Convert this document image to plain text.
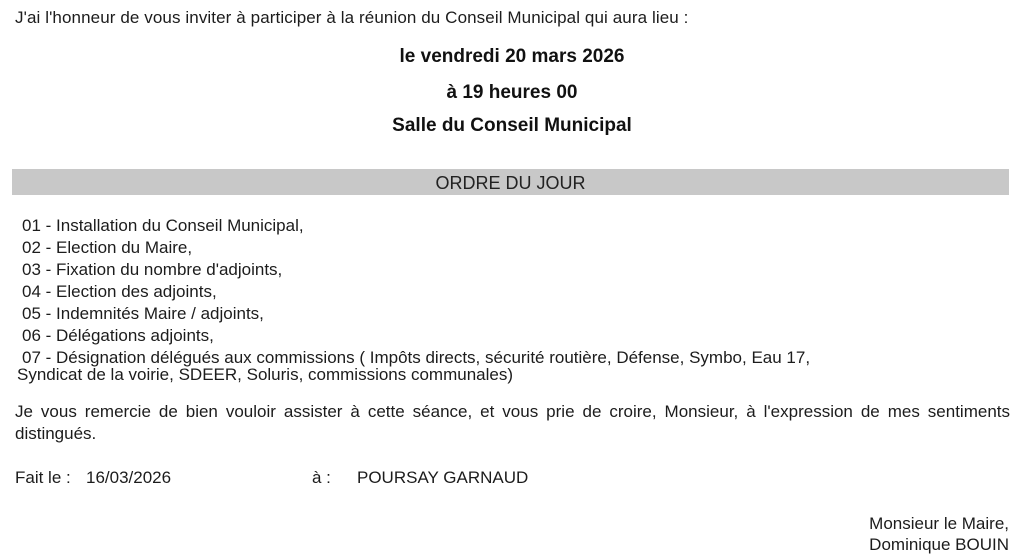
J'ai l'honneur de vous inviter à participer à la réunion du Conseil Municipal qui aura lieu :
le vendredi 20 mars 2026
à 19 heures 00
Salle du Conseil Municipal
ORDRE DU JOUR
01 - Installation du Conseil Municipal,
02 - Election du Maire,
03 - Fixation du nombre d'adjoints,
04 - Election des adjoints,
05 - Indemnités Maire / adjoints,
06 - Délégations adjoints,
07 - Désignation délégués aux commissions ( Impôts directs, sécurité routière, Défense, Symbo, Eau 17,
Syndicat de la voirie, SDEER, Soluris, commissions communales)
Je vous remercie de bien vouloir assister à cette séance, et vous prie de croire, Monsieur, à l'expression de mes sentiments distingués.
Fait le : 16/03/2026	à : POURSAY GARNAUD
Monsieur le Maire,
Dominique BOUIN
